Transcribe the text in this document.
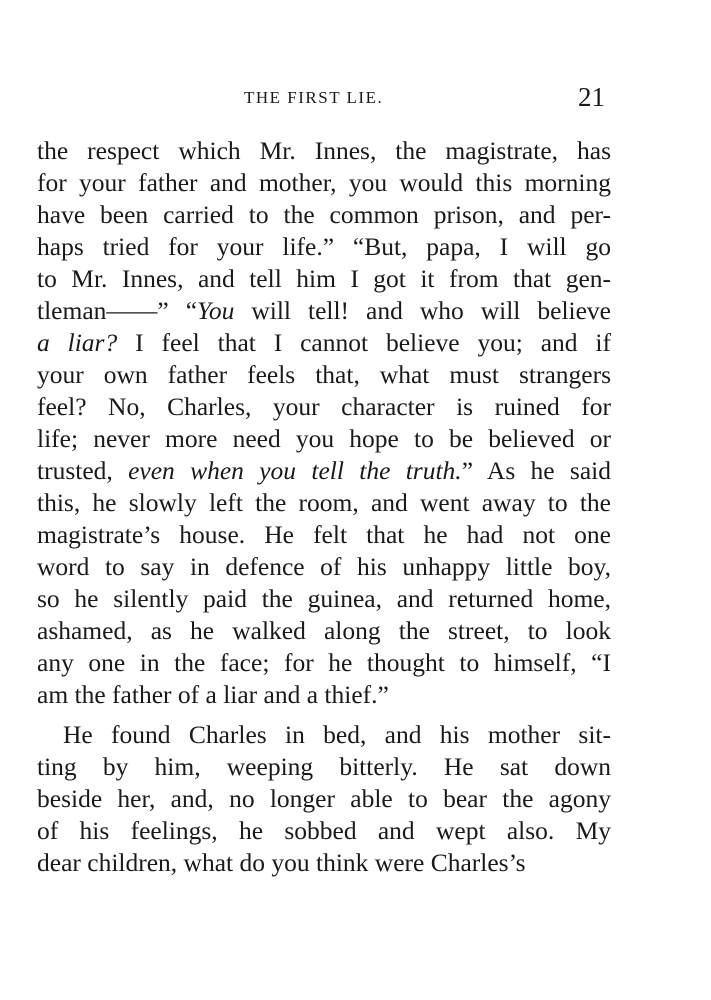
THE FIRST LIE.	21
the respect which Mr. Innes, the magistrate, has
for your father and mother, you would this morning
have been carried to the common prison, and per-
haps tried for your life.” “But, papa, I will go
to Mr. Innes, and tell him I got it from that gen-
tleman——” “You will tell! and who will believe
a liar? I feel that I cannot believe you; and if
your own father feels that, what must strangers
feel? No, Charles, your character is ruined for
life; never more need you hope to be believed or
trusted, even when you tell the truth.” As he said
this, he slowly left the room, and went away to the
magistrate’s house. He felt that he had not one
word to say in defence of his unhappy little boy,
so he silently paid the guinea, and returned home,
ashamed, as he walked along the street, to look
any one in the face; for he thought to himself, “I
am the father of a liar and a thief.”
He found Charles in bed, and his mother sit-
ting by him, weeping bitterly. He sat down
beside her, and, no longer able to bear the agony
of his feelings, he sobbed and wept also. My
dear children, what do you think were Charles’s
